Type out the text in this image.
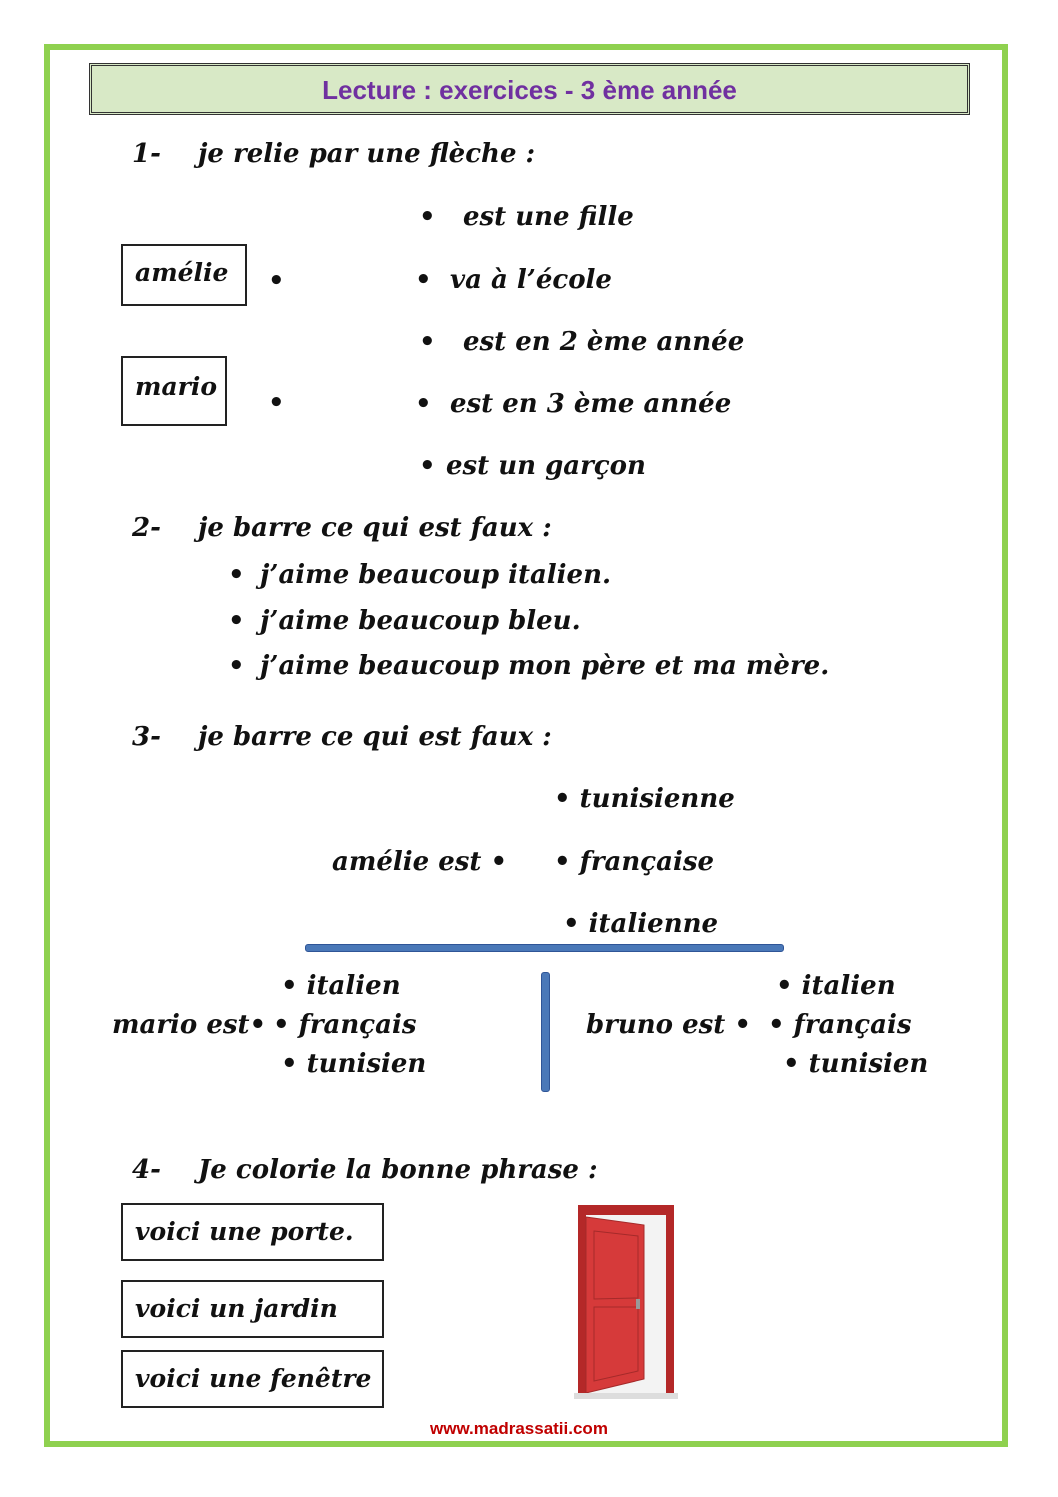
Lecture : exercices - 3 ème année
1- je relie par une flèche :
amélie
mario
•
•
• est une fille
• va à l’école
• est en 2 ème année
• est en 3 ème année
• est un garçon
2- je barre ce qui est faux :
• j’aime beaucoup italien.
• j’aime beaucoup bleu.
• j’aime beaucoup mon père et ma mère.
3- je barre ce qui est faux :
• tunisienne
amélie est • • française
• italienne
• italien
mario est• • français
• tunisien
• italien
bruno est • • français
• tunisien
4- Je colorie la bonne phrase :
voici une porte.
voici un jardin
voici une fenêtre
www.madrassatii.com
